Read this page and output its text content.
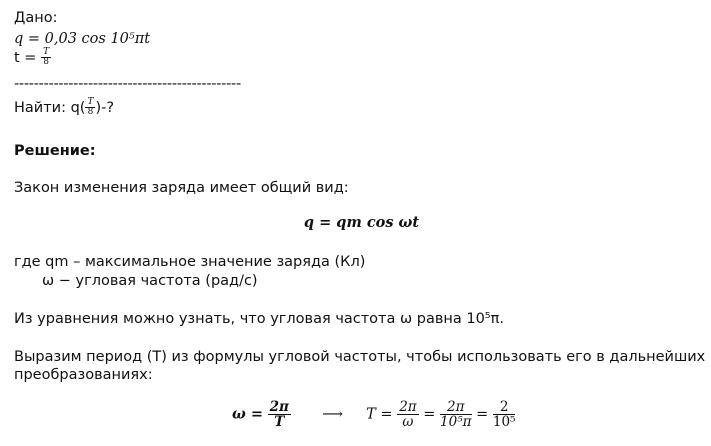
Дано:
q = 0,03 cos 10⁵πt
$t = \frac{T}{8}$
----------------------------------------------
Найти: $q( \frac{T}{8}$ )-?
Решение:
Закон изменения заряда имеет общий вид:
q = qm cos ωt
где qm – максимальное значение заряда (Кл)
ω − угловая частота (рад/с)
Из уравнения можно узнать, что угловая частота ω равна 10⁵π.
Выразим период (T) из формулы угловой частоты, чтобы использовать его в дальнейших
преобразованиях:
$\omega = \frac{2\pi}{T}$ ⟶ $T = \frac{2\pi}{\omega} = \frac{2\pi}{\text{10⁵π}} = \frac{2}{\text{10⁵}}$
